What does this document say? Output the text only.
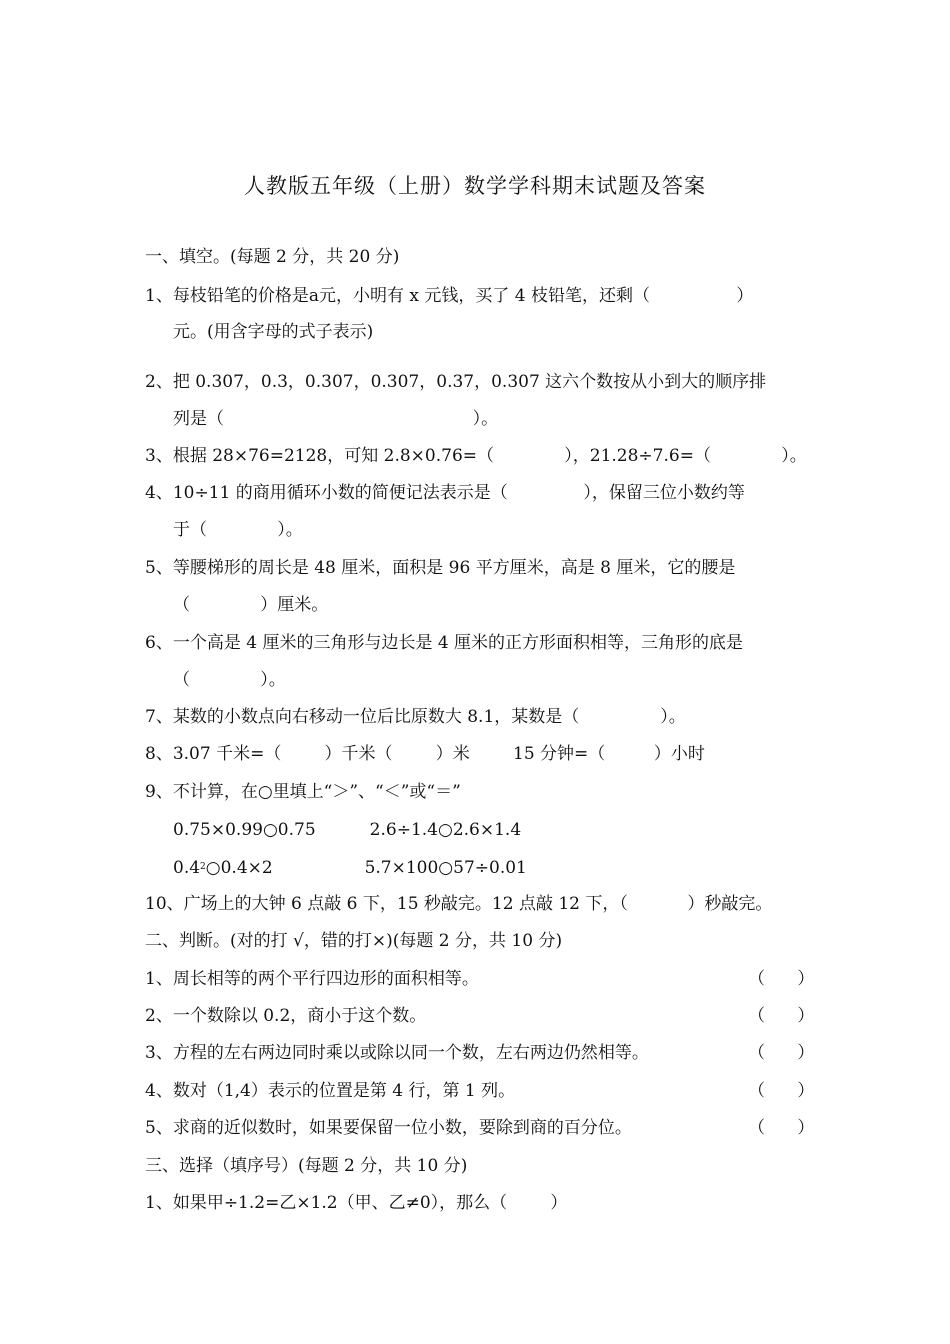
人教版五年级（上册）数学学科期末试题及答案
一、填空。(每题 2 分，共 20 分)
1、每枝铅笔的价格是a元，小明有 x 元钱，买了 4 枝铅笔，还剩（                ）
元。(用含字母的式子表示)
2、把 0.307，0.3，0.307，0.307，0.37，0.307 这六个数按从小到大的顺序排
列是（                                              ）。
3、根据 28×76=2128，可知 2.8×0.76=（             ），21.28÷7.6=（             ）。
4、10÷11 的商用循环小数的简便记法表示是（              ），保留三位小数约等
于（             ）。
5、等腰梯形的周长是 48 厘米，面积是 96 平方厘米，高是 8 厘米，它的腰是
（             ）厘米。
6、一个高是 4 厘米的三角形与边长是 4 厘米的正方形面积相等，三角形的底是
（             ）。
7、某数的小数点向右移动一位后比原数大 8.1，某数是（               ）。
8、3.07 千米=（        ）千米（        ）米        15 分钟=（         ）小时
9、不计算，在○里填上“＞”、“＜”或“＝”
0.75×0.99○0.75          2.6÷1.4○2.6×1.4
$0.4^2○0.4\times 2$                 5.7×100○57÷0.01
10、广场上的大钟 6 点敲 6 下，15 秒敲完。12 点敲 12 下，（           ）秒敲完。
二、判断。(对的打 √，错的打×)(每题 2 分，共 10 分)
1、周长相等的两个平行四边形的面积相等。	（      ）
2、一个数除以 0.2，商小于这个数。	（      ）
3、方程的左右两边同时乘以或除以同一个数，左右两边仍然相等。	（      ）
4、数对（1,4）表示的位置是第 4 行，第 1 列。	（      ）
5、求商的近似数时，如果要保留一位小数，要除到商的百分位。	（      ）
三、选择（填序号）(每题 2 分，共 10 分)
1、如果甲÷1.2=乙×1.2（甲、乙≠0），那么（        ）
